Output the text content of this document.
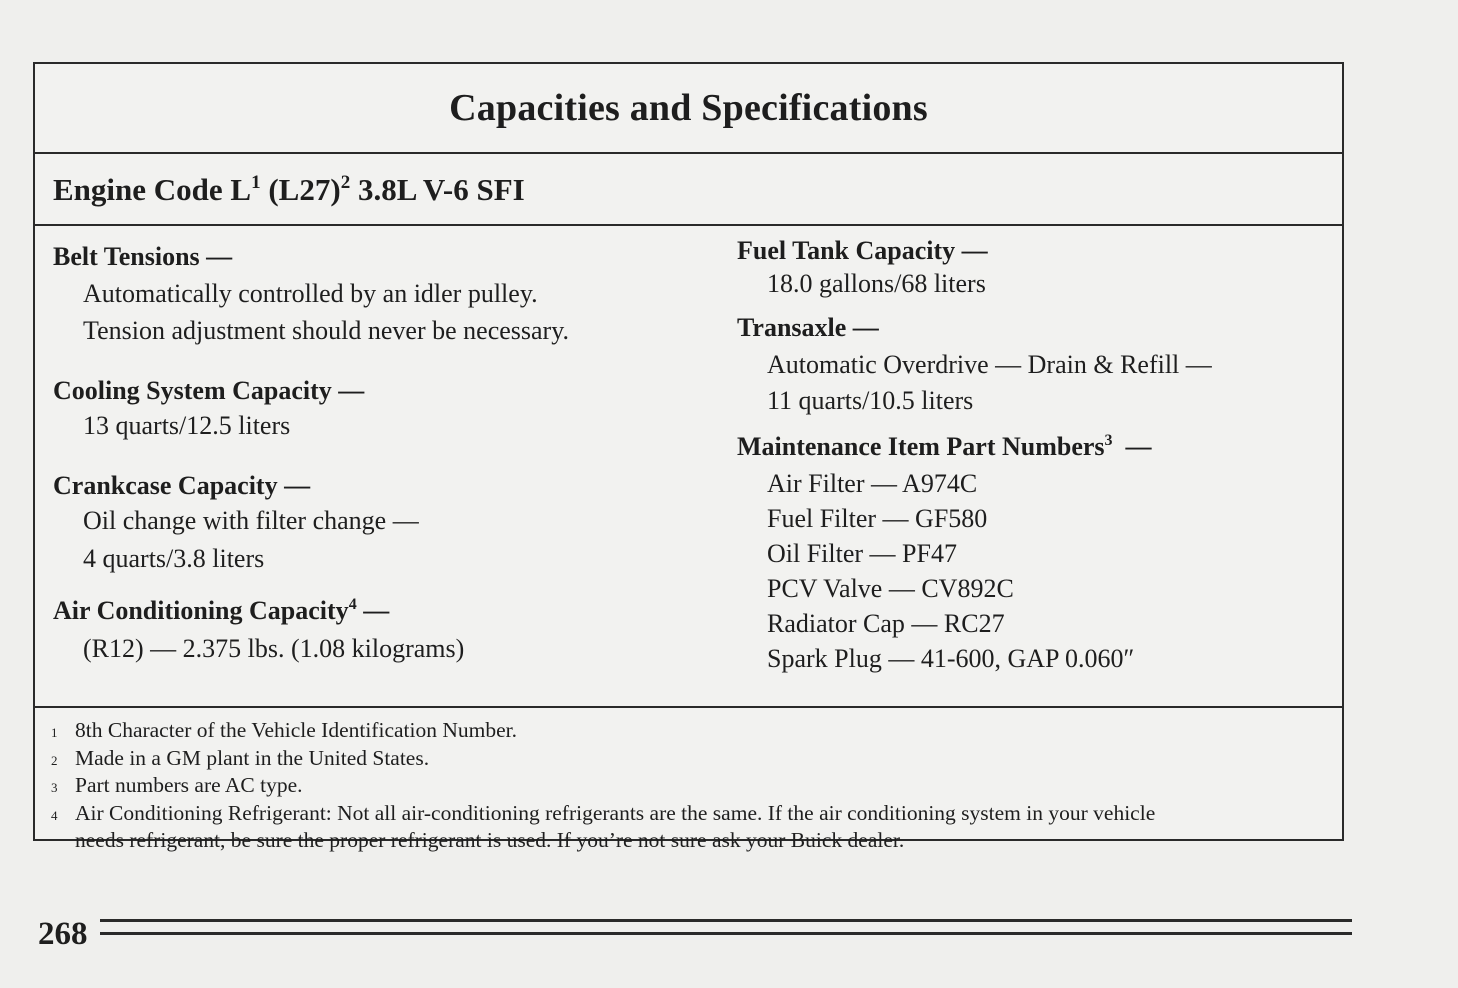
Capacities and Specifications
Engine Code $L^1$ $(L27)^2$ 3.8L V-6 SFI
Belt Tensions —
Automatically controlled by an idler pulley.
Tension adjustment should never be necessary.
Cooling System Capacity —
13 quarts/12.5 liters
Crankcase Capacity —
Oil change with filter change —
4 quarts/3.8 liters
Air Conditioning Capacity$^4$ —
(R12) — 2.375 lbs. (1.08 kilograms)
Fuel Tank Capacity —
18.0 gallons/68 liters
Transaxle —
Automatic Overdrive — Drain & Refill —
11 quarts/10.5 liters
Maintenance Item Part Numbers$^3$  —
Air Filter — A974C
Fuel Filter — GF580
Oil Filter — PF47
PCV Valve — CV892C
Radiator Cap — RC27
Spark Plug — 41-600, GAP 0.060″
1 8th Character of the Vehicle Identification Number.
2 Made in a GM plant in the United States.
3 Part numbers are AC type.
4 Air Conditioning Refrigerant: Not all air-conditioning refrigerants are the same. If the air conditioning system in your vehicle
needs refrigerant, be sure the proper refrigerant is used. If you’re not sure ask your Buick dealer.
268
